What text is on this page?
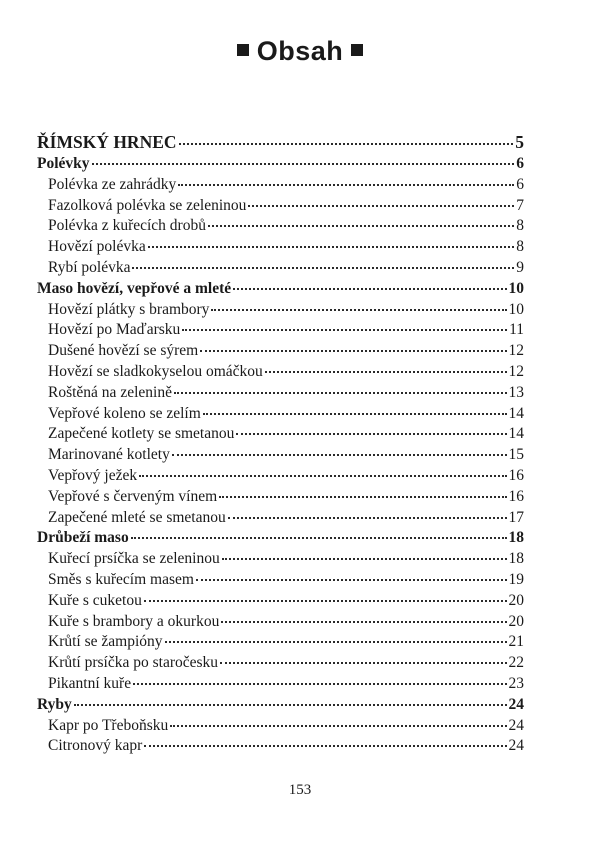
Obsah
ŘÍMSKÝ HRNEC	5
Polévky	6
Polévka ze zahrádky	6
Fazolková polévka se zeleninou	7
Polévka z kuřecích drobů	8
Hovězí polévka	8
Rybí polévka	9
Maso hovězí, vepřové a mleté	10
Hovězí plátky s brambory	10
Hovězí po Maďarsku	11
Dušené hovězí se sýrem	12
Hovězí se sladkokyselou omáčkou	12
Roštěná na zelenině	13
Vepřové koleno se zelím	14
Zapečené kotlety se smetanou	14
Marinované kotlety	15
Vepřový ježek	16
Vepřové s červeným vínem	16
Zapečené mleté se smetanou	17
Drůbeží maso	18
Kuřecí prsíčka se zeleninou	18
Směs s kuřecím masem	19
Kuře s cuketou	20
Kuře s brambory a okurkou	20
Krůtí se žampióny	21
Krůtí prsíčka po staročesku	22
Pikantní kuře	23
Ryby	24
Kapr po Třeboňsku	24
Citronový kapr	24
153
